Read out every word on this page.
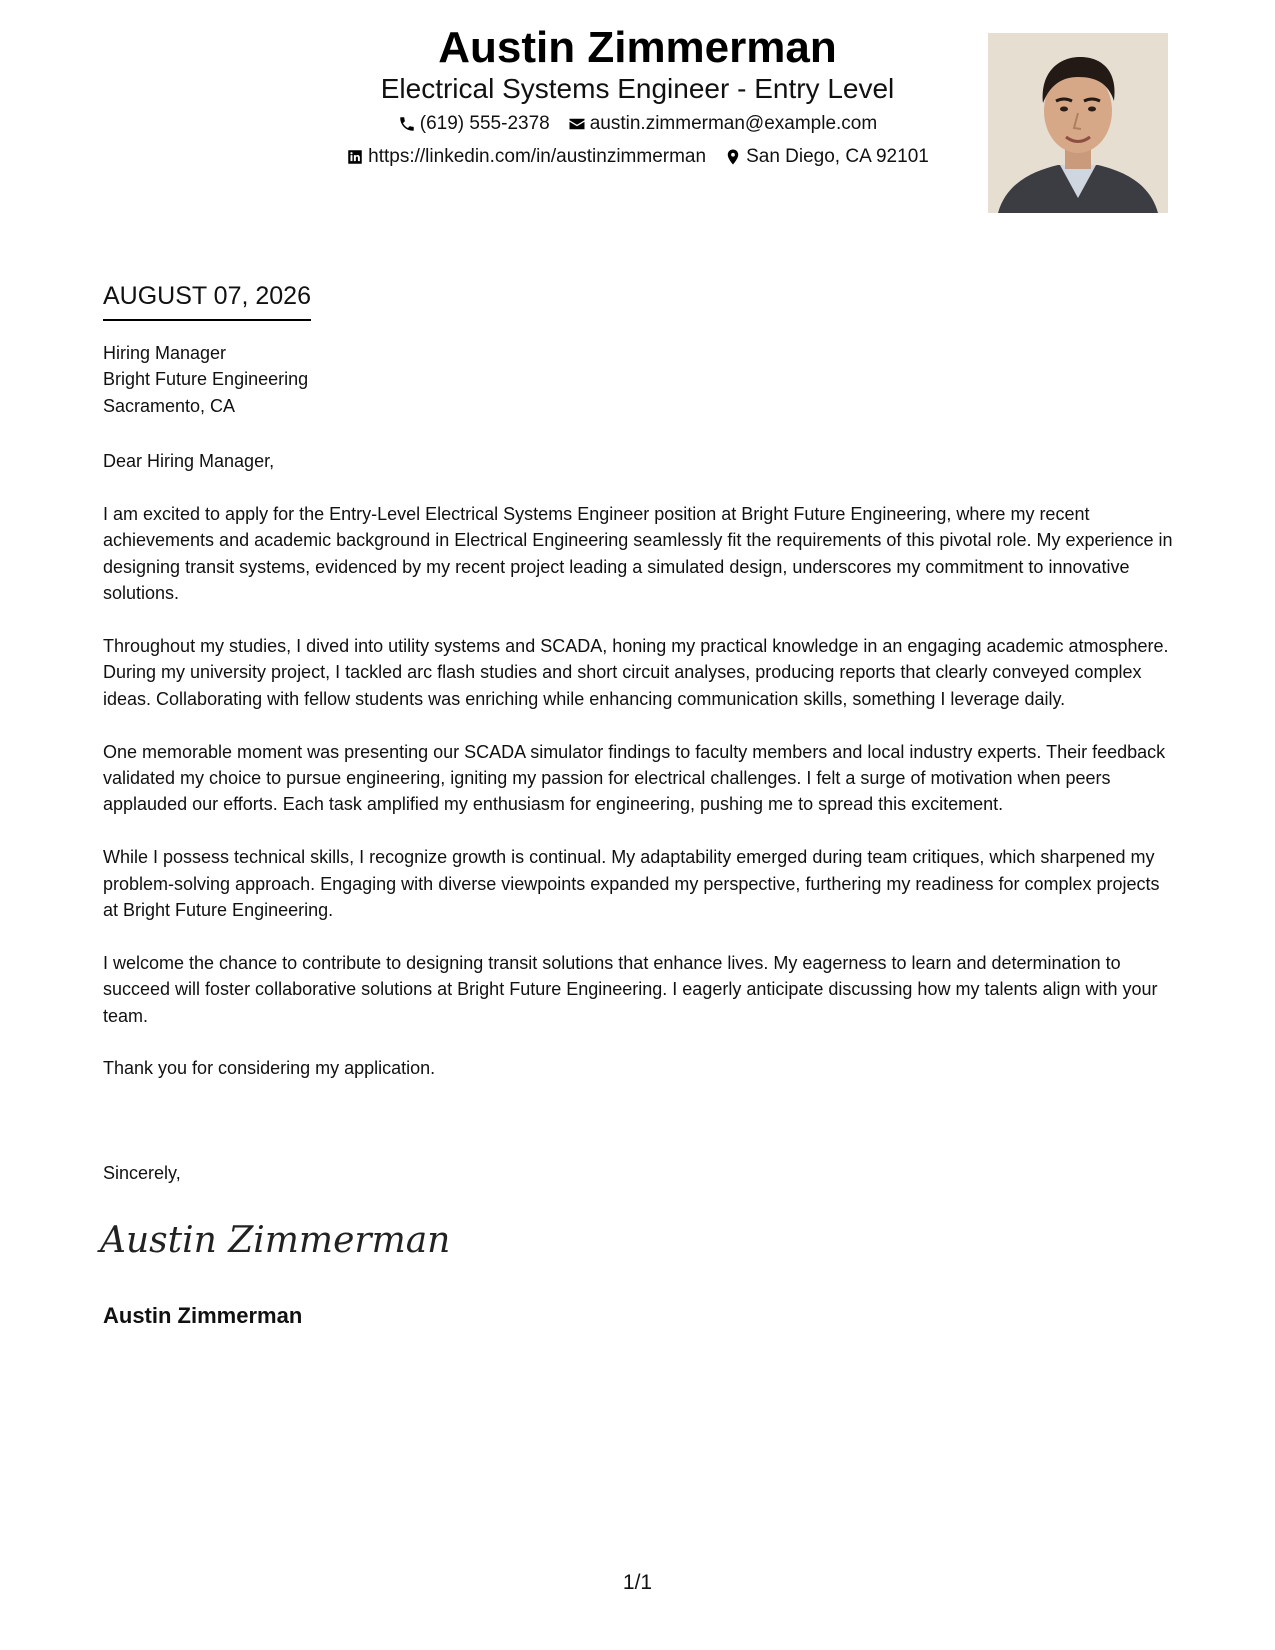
Austin Zimmerman
Electrical Systems Engineer - Entry Level
(619) 555-2378 austin.zimmerman@example.com
https://linkedin.com/in/austinzimmerman San Diego, CA 92101
AUGUST 07, 2026
Hiring Manager
Bright Future Engineering
Sacramento, CA
Dear Hiring Manager,

I am excited to apply for the Entry-Level Electrical Systems Engineer position at Bright Future Engineering, where my recent achievements and academic background in Electrical Engineering seamlessly fit the requirements of this pivotal role. My experience in designing transit systems, evidenced by my recent project leading a simulated design, underscores my commitment to innovative solutions.

Throughout my studies, I dived into utility systems and SCADA, honing my practical knowledge in an engaging academic atmosphere. During my university project, I tackled arc flash studies and short circuit analyses, producing reports that clearly conveyed complex ideas. Collaborating with fellow students was enriching while enhancing communication skills, something I leverage daily.

One memorable moment was presenting our SCADA simulator findings to faculty members and local industry experts. Their feedback validated my choice to pursue engineering, igniting my passion for electrical challenges. I felt a surge of motivation when peers applauded our efforts. Each task amplified my enthusiasm for engineering, pushing me to spread this excitement.

While I possess technical skills, I recognize growth is continual. My adaptability emerged during team critiques, which sharpened my problem-solving approach. Engaging with diverse viewpoints expanded my perspective, furthering my readiness for complex projects at Bright Future Engineering.

I welcome the chance to contribute to designing transit solutions that enhance lives. My eagerness to learn and determination to succeed will foster collaborative solutions at Bright Future Engineering. I eagerly anticipate discussing how my talents align with your team.

Thank you for considering my application.

Sincerely,
Austin Zimmerman
Austin Zimmerman
1/1
